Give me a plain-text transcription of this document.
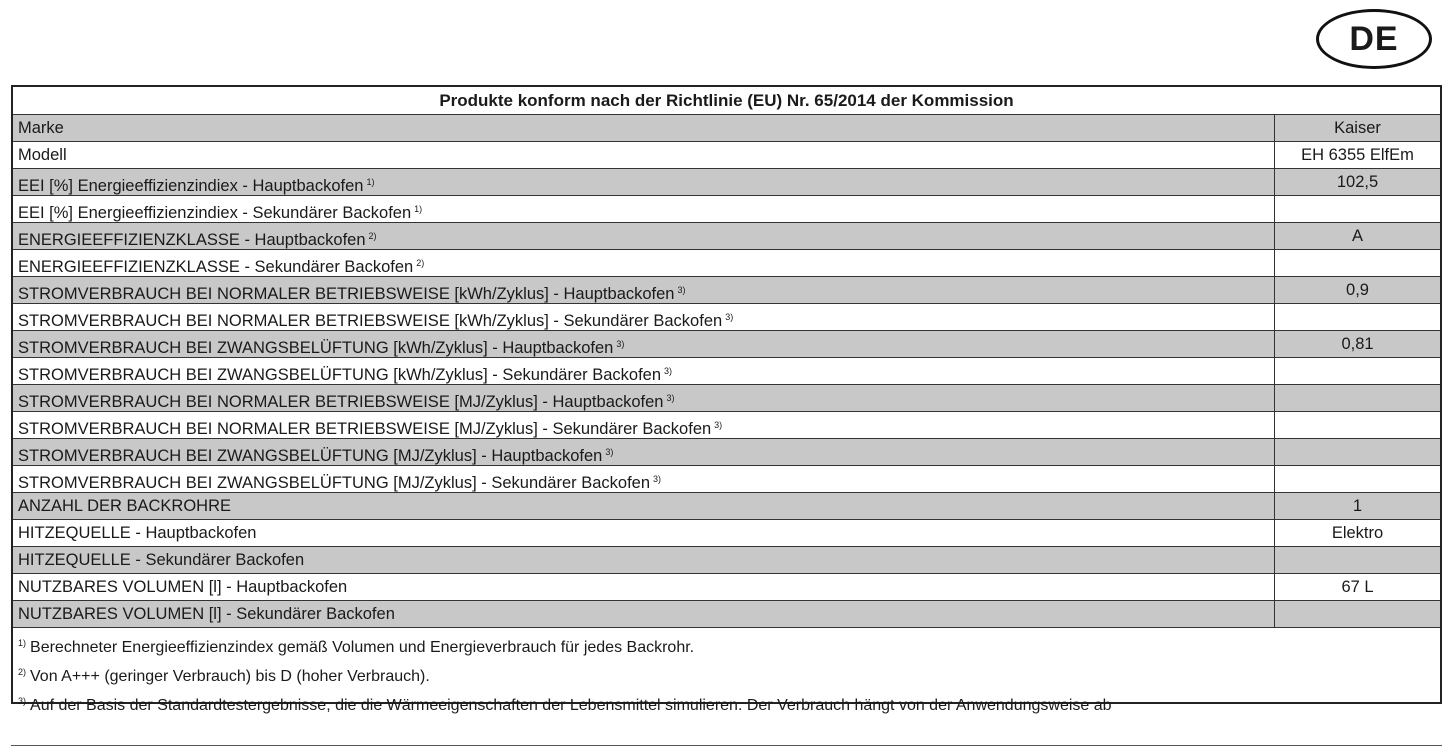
DE
Produkte konform nach der Richtlinie (EU) Nr. 65/2014 der Kommission
Marke	Kaiser
Modell	EH 6355 ElfEm
EEI [%] Energieeffizienzindiex - Hauptbackofen $^{1)}$	102,5
EEI [%] Energieeffizienzindiex - Sekundärer Backofen $^{1)}$
ENERGIEEFFIZIENZKLASSE - Hauptbackofen $^{2)}$	A
ENERGIEEFFIZIENZKLASSE - Sekundärer Backofen $^{2)}$
STROMVERBRAUCH BEI NORMALER BETRIEBSWEISE [kWh/Zyklus] - Hauptbackofen $^{3)}$	0,9
STROMVERBRAUCH BEI NORMALER BETRIEBSWEISE [kWh/Zyklus] - Sekundärer Backofen $^{3)}$
STROMVERBRAUCH BEI ZWANGSBELÜFTUNG [kWh/Zyklus] - Hauptbackofen $^{3)}$	0,81
STROMVERBRAUCH BEI ZWANGSBELÜFTUNG [kWh/Zyklus] - Sekundärer Backofen $^{3)}$
STROMVERBRAUCH BEI NORMALER BETRIEBSWEISE [MJ/Zyklus] - Hauptbackofen $^{3)}$
STROMVERBRAUCH BEI NORMALER BETRIEBSWEISE [MJ/Zyklus] - Sekundärer Backofen $^{3)}$
STROMVERBRAUCH BEI ZWANGSBELÜFTUNG [MJ/Zyklus] - Hauptbackofen $^{3)}$
STROMVERBRAUCH BEI ZWANGSBELÜFTUNG [MJ/Zyklus] - Sekundärer Backofen $^{3)}$
ANZAHL DER BACKROHRE	1
HITZEQUELLE - Hauptbackofen	Elektro
HITZEQUELLE - Sekundärer Backofen
NUTZBARES VOLUMEN [l] - Hauptbackofen	67 L
NUTZBARES VOLUMEN [l] - Sekundärer Backofen
$^{1)}$ Berechneter Energieeffizienzindex gemäß Volumen und Energieverbrauch für jedes Backrohr.
$^{2)}$ Von A+++ (geringer Verbrauch) bis D (hoher Verbrauch).
$^{3)}$ Auf der Basis der Standardtestergebnisse, die die Wärmeeigenschaften der Lebensmittel simulieren. Der Verbrauch hängt von der Anwendungsweise ab
